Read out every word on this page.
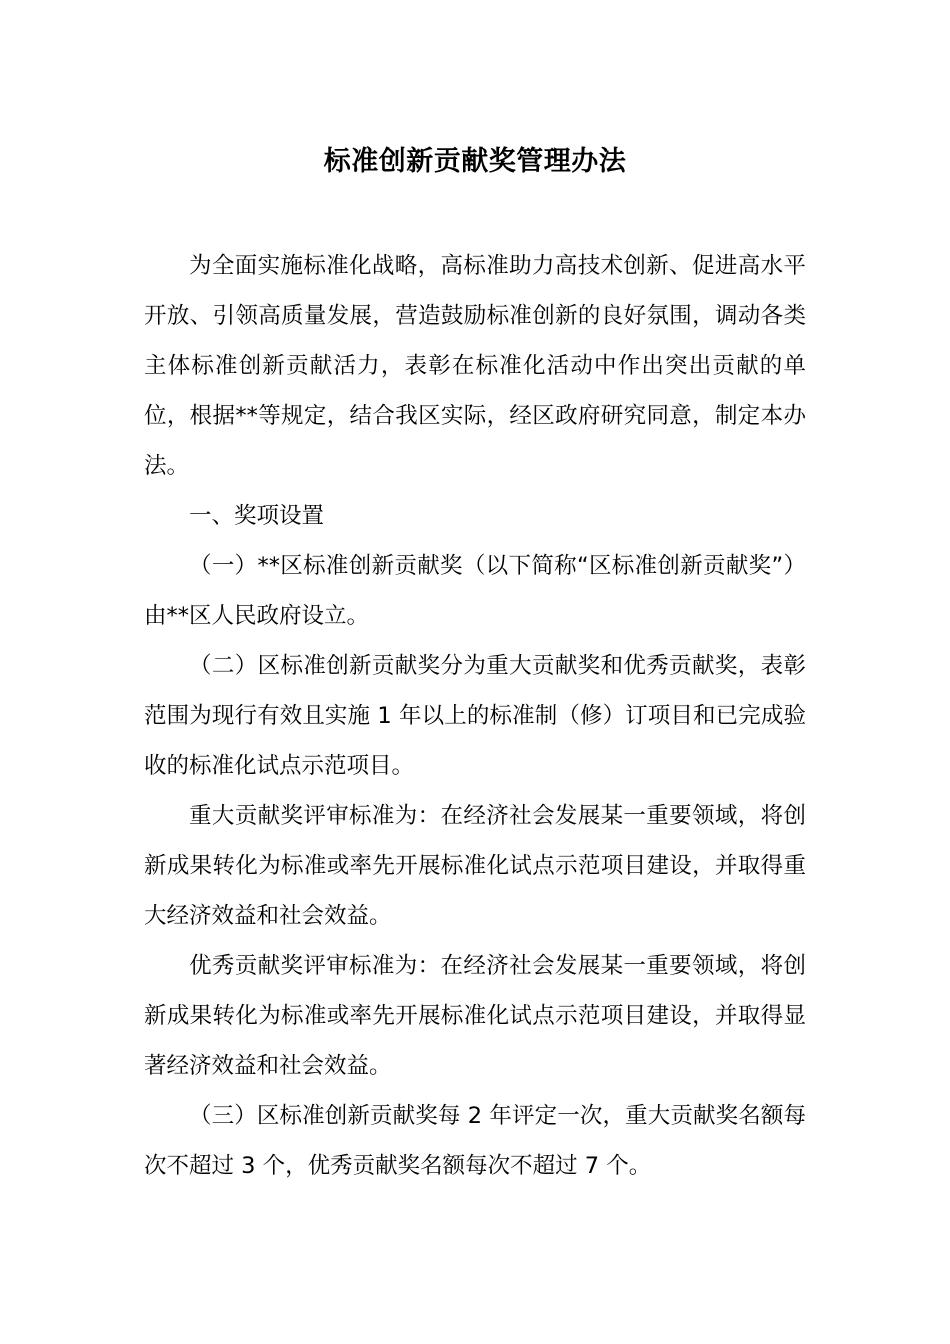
标准创新贡献奖管理办法

为全面实施标准化战略，高标准助力高技术创新、促进高水平开放、引领高质量发展，营造鼓励标准创新的良好氛围，调动各类主体标准创新贡献活力，表彰在标准化活动中作出突出贡献的单位，根据**等规定，结合我区实际，经区政府研究同意，制定本办法。

一、奖项设置

（一）**区标准创新贡献奖（以下简称“区标准创新贡献奖”）由**区人民政府设立。

（二）区标准创新贡献奖分为重大贡献奖和优秀贡献奖，表彰范围为现行有效且实施 1 年以上的标准制（修）订项目和已完成验收的标准化试点示范项目。

重大贡献奖评审标准为：在经济社会发展某一重要领域，将创新成果转化为标准或率先开展标准化试点示范项目建设，并取得重大经济效益和社会效益。

优秀贡献奖评审标准为：在经济社会发展某一重要领域，将创新成果转化为标准或率先开展标准化试点示范项目建设，并取得显著经济效益和社会效益。

（三）区标准创新贡献奖每 2 年评定一次，重大贡献奖名额每次不超过 3 个，优秀贡献奖名额每次不超过 7 个。
